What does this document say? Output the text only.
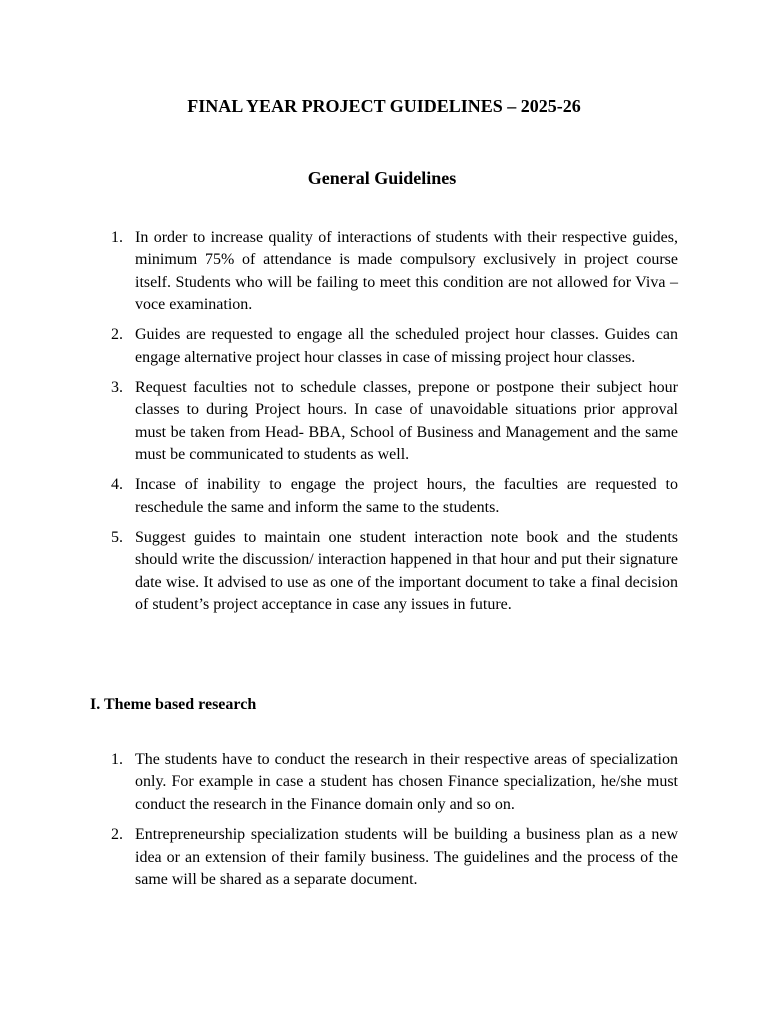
FINAL YEAR PROJECT GUIDELINES – 2025-26
General Guidelines
1. In order to increase quality of interactions of students with their respective guides, minimum 75% of attendance is made compulsory exclusively in project course itself. Students who will be failing to meet this condition are not allowed for Viva –voce examination.
2. Guides are requested to engage all the scheduled project hour classes. Guides can engage alternative project hour classes in case of missing project hour classes.
3. Request faculties not to schedule classes, prepone or postpone their subject hour classes to during Project hours. In case of unavoidable situations prior approval must be taken from Head- BBA, School of Business and Management and the same must be communicated to students as well.
4. Incase of inability to engage the project hours, the faculties are requested to reschedule the same and inform the same to the students.
5. Suggest guides to maintain one student interaction note book and the students should write the discussion/ interaction happened in that hour and put their signature date wise. It advised to use as one of the important document to take a final decision of student’s project acceptance in case any issues in future.
I. Theme based research
1. The students have to conduct the research in their respective areas of specialization only. For example in case a student has chosen Finance specialization, he/she must conduct the research in the Finance domain only and so on.
2. Entrepreneurship specialization students will be building a business plan as a new idea or an extension of their family business. The guidelines and the process of the same will be shared as a separate document.
